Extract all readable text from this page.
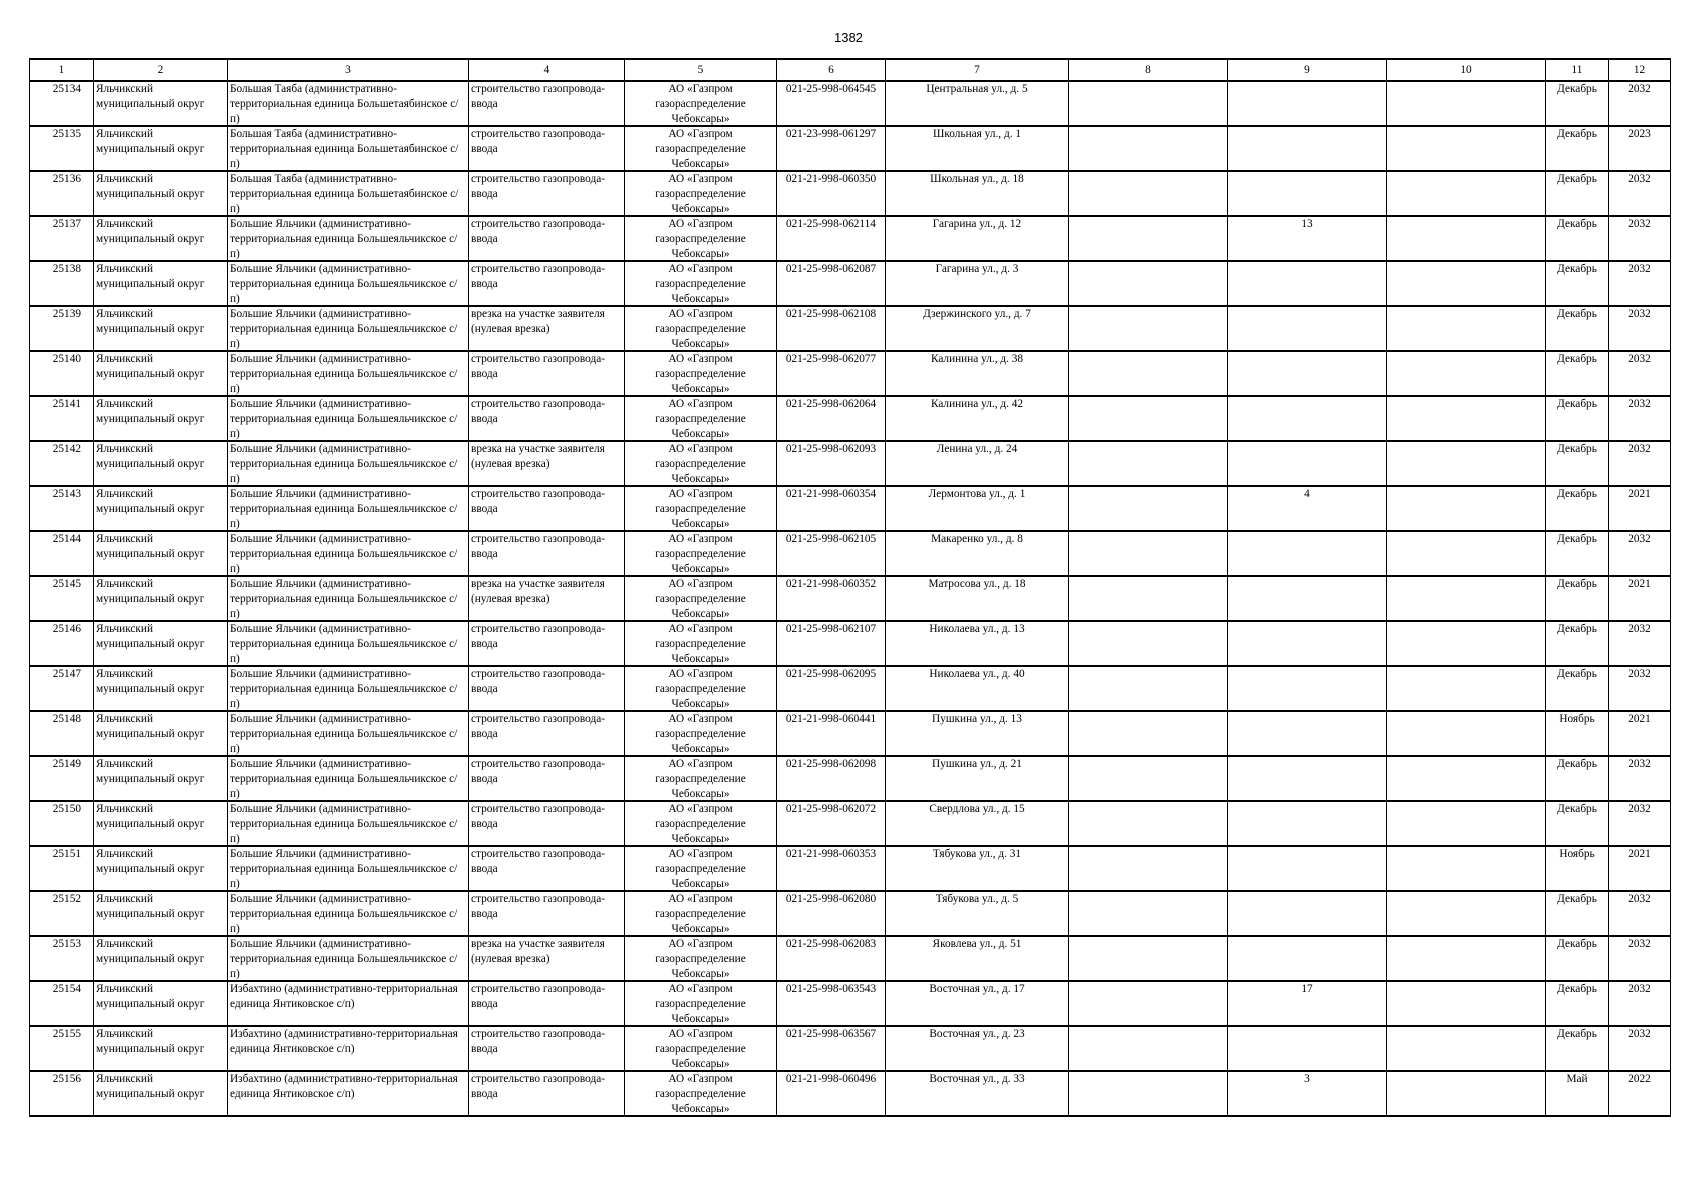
1382
1	2	3	4	5	6	7	8	9	10	11	12

25134	Яльчикский муниципальный округ	Большая Таяба (административно-территориальная единица Большетаябинское с/п)	строительство газопровода-ввода	АО «Газпром газораспределение Чебоксары»	021-25-998-064545	Центральная ул., д. 5				Декабрь	2032

25135	Яльчикский муниципальный округ	Большая Таяба (административно-территориальная единица Большетаябинское с/п)	строительство газопровода-ввода	АО «Газпром газораспределение Чебоксары»	021-23-998-061297	Школьная ул., д. 1				Декабрь	2023

25136	Яльчикский муниципальный округ	Большая Таяба (административно-территориальная единица Большетаябинское с/п)	строительство газопровода-ввода	АО «Газпром газораспределение Чебоксары»	021-21-998-060350	Школьная ул., д. 18				Декабрь	2032

25137	Яльчикский муниципальный округ	Большие Яльчики (административно-территориальная единица Большеяльчикское с/п)	строительство газопровода-ввода	АО «Газпром газораспределение Чебоксары»	021-25-998-062114	Гагарина ул., д. 12		13		Декабрь	2032

25138	Яльчикский муниципальный округ	Большие Яльчики (административно-территориальная единица Большеяльчикское с/п)	строительство газопровода-ввода	АО «Газпром газораспределение Чебоксары»	021-25-998-062087	Гагарина ул., д. 3				Декабрь	2032

25139	Яльчикский муниципальный округ	Большие Яльчики (административно-территориальная единица Большеяльчикское с/п)	врезка на участке заявителя (нулевая врезка)	АО «Газпром газораспределение Чебоксары»	021-25-998-062108	Дзержинского ул., д. 7				Декабрь	2032

25140	Яльчикский муниципальный округ	Большие Яльчики (административно-территориальная единица Большеяльчикское с/п)	строительство газопровода-ввода	АО «Газпром газораспределение Чебоксары»	021-25-998-062077	Калинина ул., д. 38				Декабрь	2032

25141	Яльчикский муниципальный округ	Большие Яльчики (административно-территориальная единица Большеяльчикское с/п)	строительство газопровода-ввода	АО «Газпром газораспределение Чебоксары»	021-25-998-062064	Калинина ул., д. 42				Декабрь	2032

25142	Яльчикский муниципальный округ	Большие Яльчики (административно-территориальная единица Большеяльчикское с/п)	врезка на участке заявителя (нулевая врезка)	АО «Газпром газораспределение Чебоксары»	021-25-998-062093	Ленина ул., д. 24				Декабрь	2032

25143	Яльчикский муниципальный округ	Большие Яльчики (административно-территориальная единица Большеяльчикское с/п)	строительство газопровода-ввода	АО «Газпром газораспределение Чебоксары»	021-21-998-060354	Лермонтова ул., д. 1		4		Декабрь	2021

25144	Яльчикский муниципальный округ	Большие Яльчики (административно-территориальная единица Большеяльчикское с/п)	строительство газопровода-ввода	АО «Газпром газораспределение Чебоксары»	021-25-998-062105	Макаренко ул., д. 8				Декабрь	2032

25145	Яльчикский муниципальный округ	Большие Яльчики (административно-территориальная единица Большеяльчикское с/п)	врезка на участке заявителя (нулевая врезка)	АО «Газпром газораспределение Чебоксары»	021-21-998-060352	Матросова ул., д. 18				Декабрь	2021

25146	Яльчикский муниципальный округ	Большие Яльчики (административно-территориальная единица Большеяльчикское с/п)	строительство газопровода-ввода	АО «Газпром газораспределение Чебоксары»	021-25-998-062107	Николаева ул., д. 13				Декабрь	2032

25147	Яльчикский муниципальный округ	Большие Яльчики (административно-территориальная единица Большеяльчикское с/п)	строительство газопровода-ввода	АО «Газпром газораспределение Чебоксары»	021-25-998-062095	Николаева ул., д. 40				Декабрь	2032

25148	Яльчикский муниципальный округ	Большие Яльчики (административно-территориальная единица Большеяльчикское с/п)	строительство газопровода-ввода	АО «Газпром газораспределение Чебоксары»	021-21-998-060441	Пушкина ул., д. 13				Ноябрь	2021

25149	Яльчикский муниципальный округ	Большие Яльчики (административно-территориальная единица Большеяльчикское с/п)	строительство газопровода-ввода	АО «Газпром газораспределение Чебоксары»	021-25-998-062098	Пушкина ул., д. 21				Декабрь	2032

25150	Яльчикский муниципальный округ	Большие Яльчики (административно-территориальная единица Большеяльчикское с/п)	строительство газопровода-ввода	АО «Газпром газораспределение Чебоксары»	021-25-998-062072	Свердлова ул., д. 15				Декабрь	2032

25151	Яльчикский муниципальный округ	Большие Яльчики (административно-территориальная единица Большеяльчикское с/п)	строительство газопровода-ввода	АО «Газпром газораспределение Чебоксары»	021-21-998-060353	Тябукова ул., д. 31				Ноябрь	2021

25152	Яльчикский муниципальный округ	Большие Яльчики (административно-территориальная единица Большеяльчикское с/п)	строительство газопровода-ввода	АО «Газпром газораспределение Чебоксары»	021-25-998-062080	Тябукова ул., д. 5				Декабрь	2032

25153	Яльчикский муниципальный округ	Большие Яльчики (административно-территориальная единица Большеяльчикское с/п)	врезка на участке заявителя (нулевая врезка)	АО «Газпром газораспределение Чебоксары»	021-25-998-062083	Яковлева ул., д. 51				Декабрь	2032

25154	Яльчикский муниципальный округ	Избахтино (административно-территориальная единица Янтиковское с/п)	строительство газопровода-ввода	АО «Газпром газораспределение Чебоксары»	021-25-998-063543	Восточная ул., д. 17		17		Декабрь	2032

25155	Яльчикский муниципальный округ	Избахтино (административно-территориальная единица Янтиковское с/п)	строительство газопровода-ввода	АО «Газпром газораспределение Чебоксары»	021-25-998-063567	Восточная ул., д. 23				Декабрь	2032

25156	Яльчикский муниципальный округ	Избахтино (административно-территориальная единица Янтиковское с/п)	строительство газопровода-ввода	АО «Газпром газораспределение Чебоксары»	021-21-998-060496	Восточная ул., д. 33		3		Май	2022
